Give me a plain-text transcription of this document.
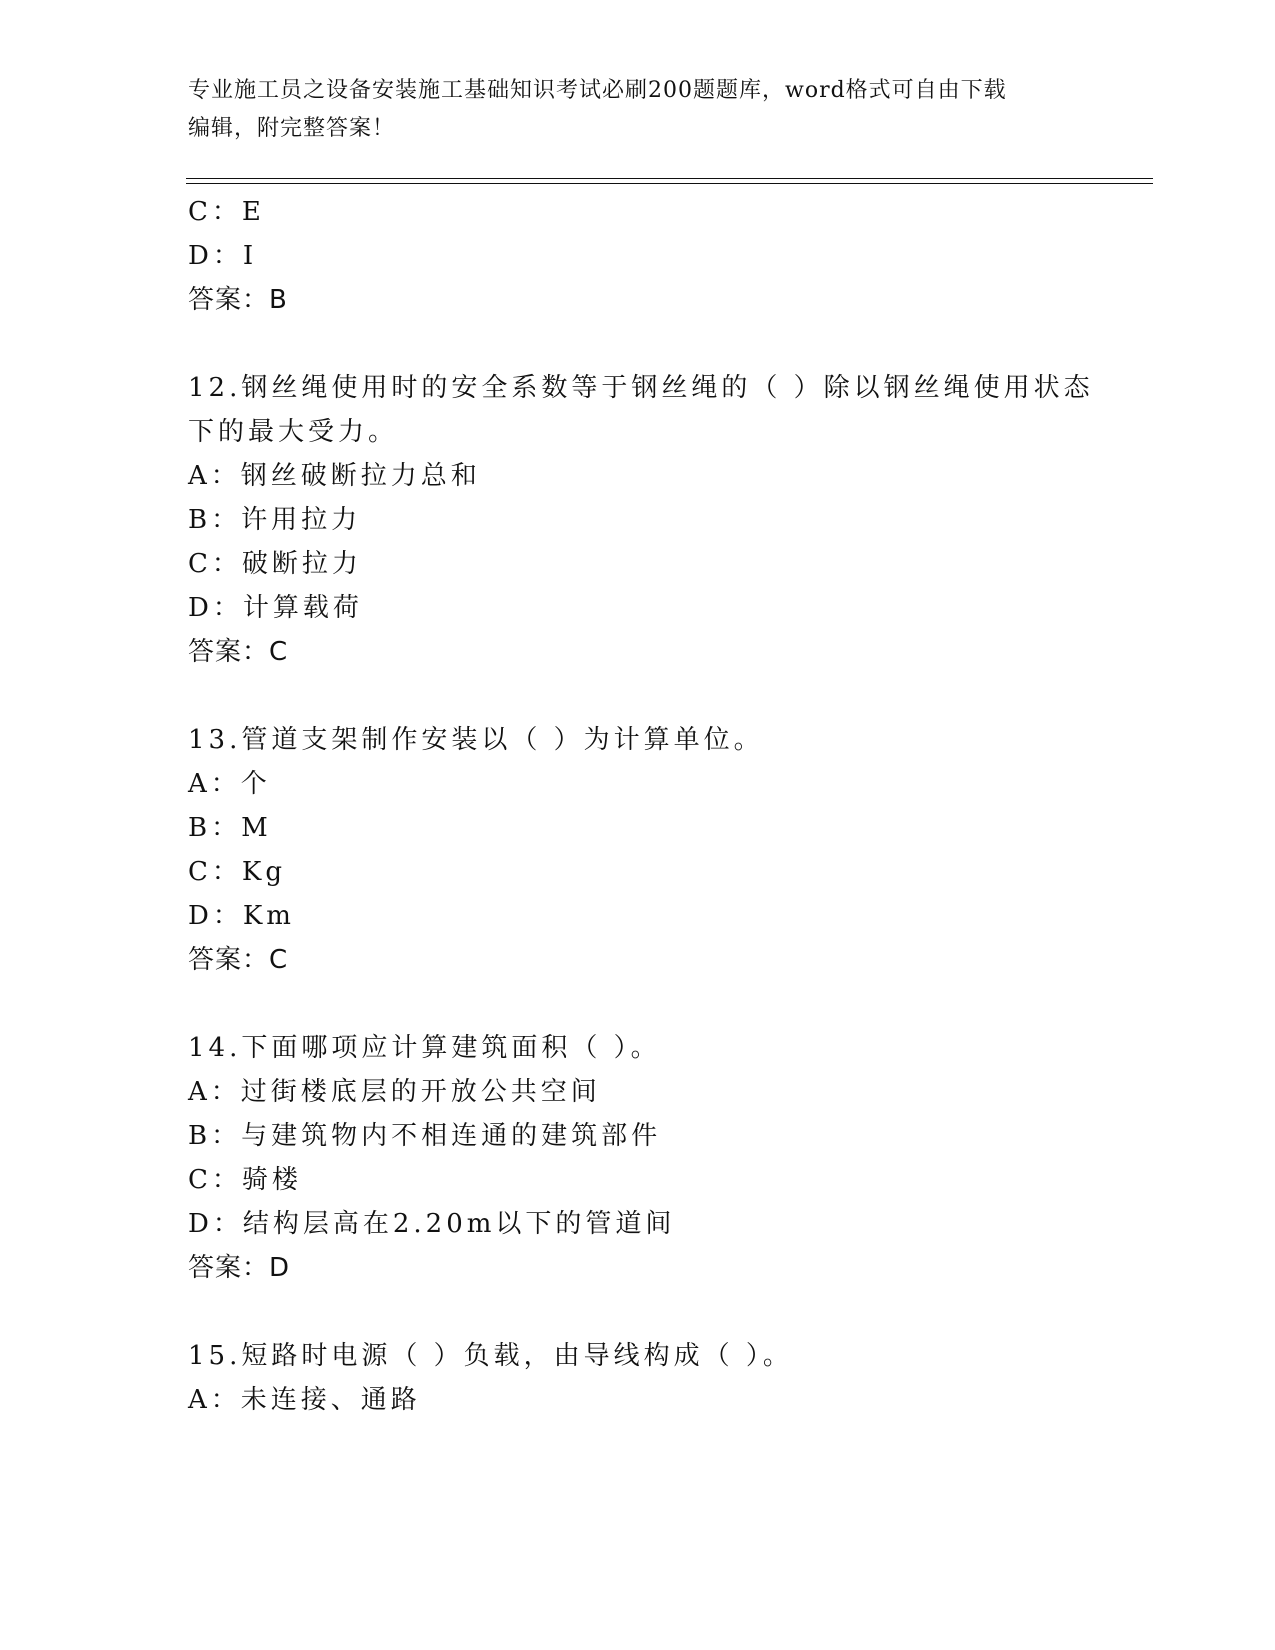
专业施工员之设备安装施工基础知识考试必刷200题题库，word格式可自由下载
编辑，附完整答案！
C：E
D：I
答案：B
12.钢丝绳使用时的安全系数等于钢丝绳的（ ）除以钢丝绳使用状态
下的最大受力。
A：钢丝破断拉力总和
B：许用拉力
C：破断拉力
D：计算载荷
答案：C
13.管道支架制作安装以（ ）为计算单位。
A：个
B：M
C：Kg
D：Km
答案：C
14.下面哪项应计算建筑面积（ ）。
A：过街楼底层的开放公共空间
B：与建筑物内不相连通的建筑部件
C：骑楼
D：结构层高在2.20m以下的管道间
答案：D
15.短路时电源（ ）负载，由导线构成（ ）。
A：未连接、通路
